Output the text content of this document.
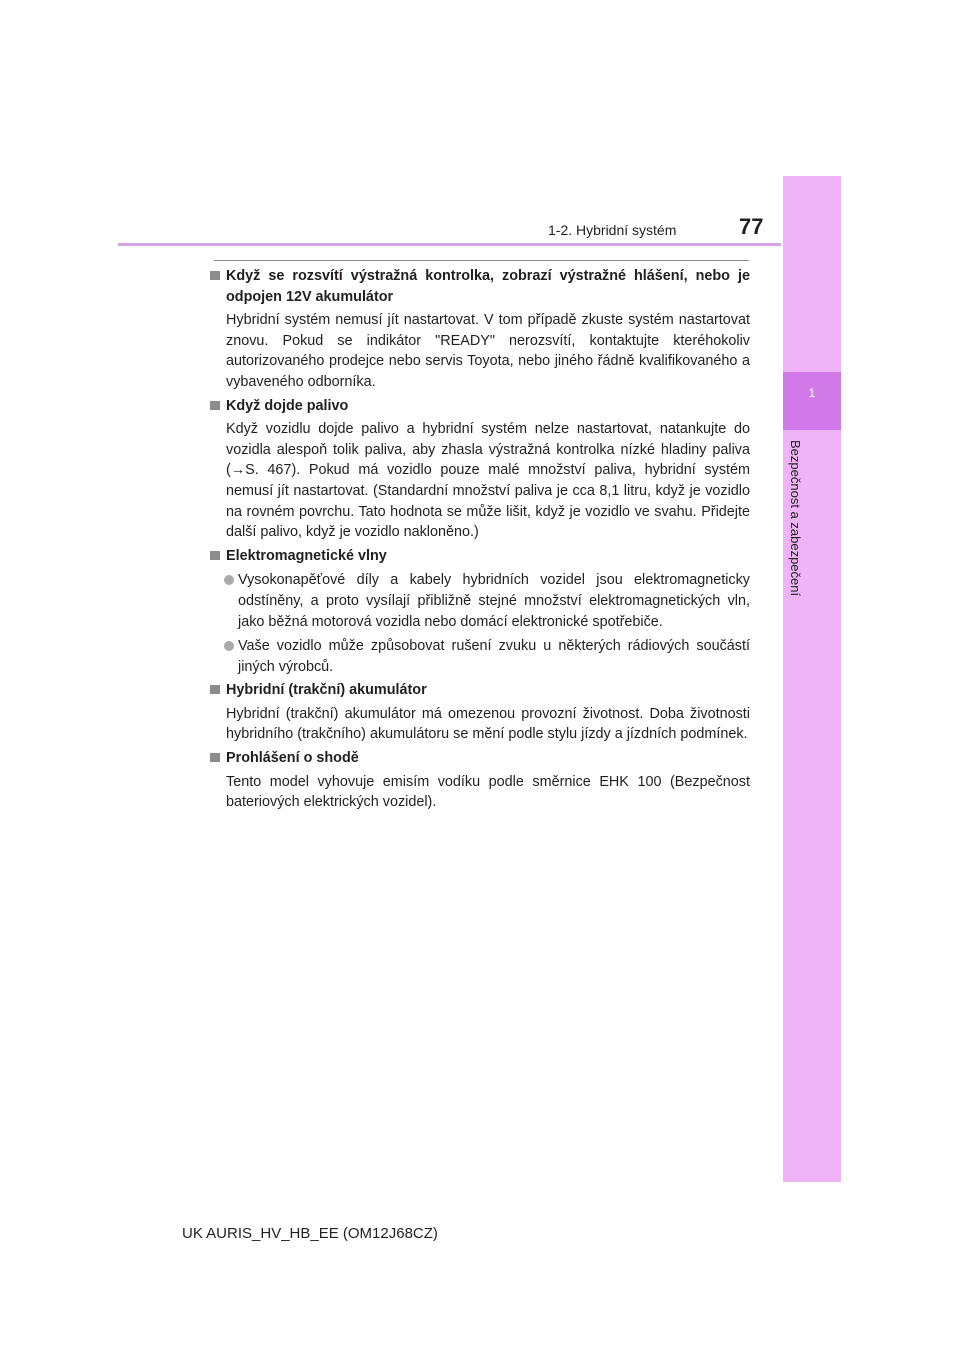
1
Bezpečnost a zabezpečení
1-2. Hybridní systém	77
Když se rozsvítí výstražná kontrolka, zobrazí výstražné hlášení, nebo je odpojen 12V akumulátor
Hybridní systém nemusí jít nastartovat. V tom případě zkuste systém nastartovat znovu. Pokud se indikátor "READY" nerozsvítí, kontaktujte kteréhokoliv autorizovaného prodejce nebo servis Toyota, nebo jiného řádně kvalifikovaného a vybaveného odborníka.
Když dojde palivo
Když vozidlu dojde palivo a hybridní systém nelze nastartovat, natankujte do vozidla alespoň tolik paliva, aby zhasla výstražná kontrolka nízké hladiny paliva (→S. 467). Pokud má vozidlo pouze malé množství paliva, hybridní systém nemusí jít nastartovat. (Standardní množství paliva je cca 8,1 litru, když je vozidlo na rovném povrchu. Tato hodnota se může lišit, když je vozidlo ve svahu. Přidejte další palivo, když je vozidlo nakloněno.)
Elektromagnetické vlny
Vysokonapěťové díly a kabely hybridních vozidel jsou elektromagneticky odstíněny, a proto vysílají přibližně stejné množství elektromagnetických vln, jako běžná motorová vozidla nebo domácí elektronické spotřebiče.
Vaše vozidlo může způsobovat rušení zvuku u některých rádiových součástí jiných výrobců.
Hybridní (trakční) akumulátor
Hybridní (trakční) akumulátor má omezenou provozní životnost. Doba životnosti hybridního (trakčního) akumulátoru se mění podle stylu jízdy a jízdních podmínek.
Prohlášení o shodě
Tento model vyhovuje emisím vodíku podle směrnice EHK 100 (Bezpečnost bateriových elektrických vozidel).
UK AURIS_HV_HB_EE (OM12J68CZ)
